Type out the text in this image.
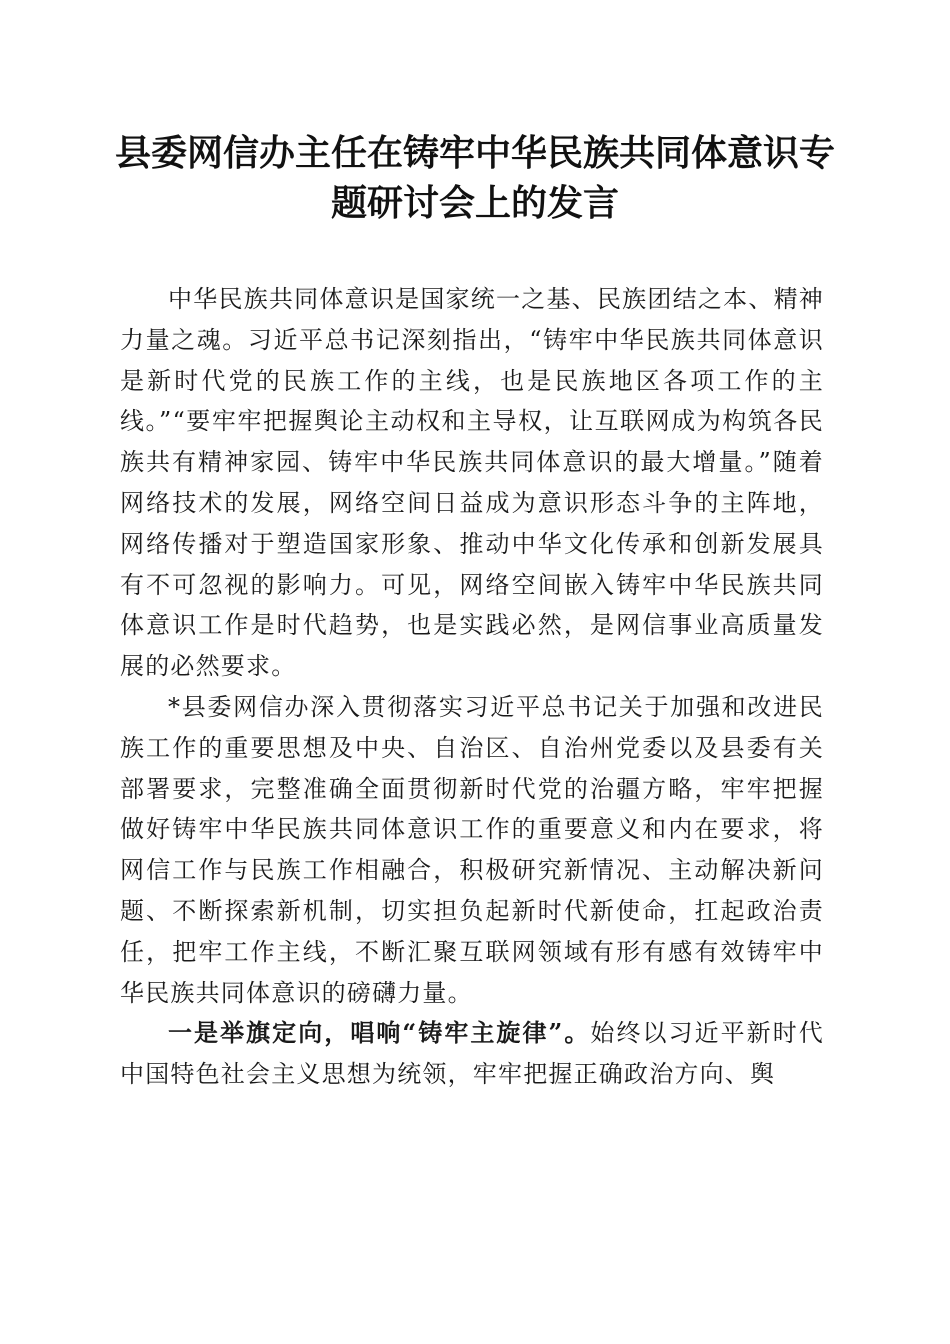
县委网信办主任在铸牢中华民族共同体意识专题研讨会上的发言

中华民族共同体意识是国家统一之基、民族团结之本、精神力量之魂。习近平总书记深刻指出，“铸牢中华民族共同体意识是新时代党的民族工作的主线，也是民族地区各项工作的主线。”“要牢牢把握舆论主动权和主导权，让互联网成为构筑各民族共有精神家园、铸牢中华民族共同体意识的最大增量。”随着网络技术的发展，网络空间日益成为意识形态斗争的主阵地，网络传播对于塑造国家形象、推动中华文化传承和创新发展具有不可忽视的影响力。可见，网络空间嵌入铸牢中华民族共同体意识工作是时代趋势，也是实践必然，是网信事业高质量发展的必然要求。

*县委网信办深入贯彻落实习近平总书记关于加强和改进民族工作的重要思想及中央、自治区、自治州党委以及县委有关部署要求，完整准确全面贯彻新时代党的治疆方略，牢牢把握做好铸牢中华民族共同体意识工作的重要意义和内在要求，将网信工作与民族工作相融合，积极研究新情况、主动解决新问题、不断探索新机制，切实担负起新时代新使命，扛起政治责任，把牢工作主线，不断汇聚互联网领域有形有感有效铸牢中华民族共同体意识的磅礴力量。

一是举旗定向，唱响“铸牢主旋律”。始终以习近平新时代中国特色社会主义思想为统领，牢牢把握正确政治方向、舆
